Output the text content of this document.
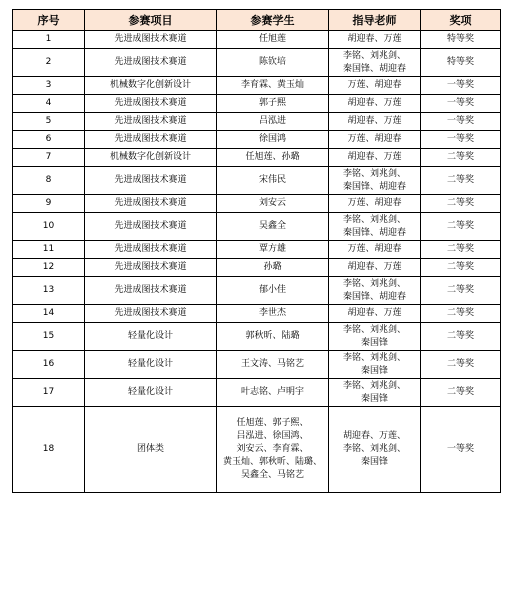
序号	参赛项目	参赛学生	指导老师	奖项
1	先进成图技术赛道	任旭莲	胡迎春、万莲	特等奖
2	先进成图技术赛道	陈钦培	李铭、刘兆剑、
秦国锋、胡迎春	特等奖
3	机械数字化创新设计	李育霖、黄玉灿	万莲、胡迎春	一等奖
4	先进成图技术赛道	郭子熙	胡迎春、万莲	一等奖
5	先进成图技术赛道	吕泓进	胡迎春、万莲	一等奖
6	先进成图技术赛道	徐国鸿	万莲、胡迎春	一等奖
7	机械数字化创新设计	任旭莲、孙璐	胡迎春、万莲	二等奖
8	先进成图技术赛道	宋伟民	李铭、刘兆剑、
秦国锋、胡迎春	二等奖
9	先进成图技术赛道	刘安云	万莲、胡迎春	二等奖
10	先进成图技术赛道	吴鑫全	李铭、刘兆剑、
秦国锋、胡迎春	二等奖
11	先进成图技术赛道	覃方雄	万莲、胡迎春	二等奖
12	先进成图技术赛道	孙璐	胡迎春、万莲	二等奖
13	先进成图技术赛道	郁小佳	李铭、刘兆剑、
秦国锋、胡迎春	二等奖
14	先进成图技术赛道	李世杰	胡迎春、万莲	二等奖
15	轻量化设计	郭秋昕、陆璐	李铭、刘兆剑、
秦国锋	二等奖
16	轻量化设计	王文涛、马铭艺	李铭、刘兆剑、
秦国锋	二等奖
17	轻量化设计	叶志铭、卢明宇	李铭、刘兆剑、
秦国锋	二等奖
18	团体类	任旭莲、郭子熙、
吕泓进、徐国鸿、
刘安云、李育霖、
黄玉灿、郭秋昕、陆璐、
吴鑫全、马铭艺	胡迎春、万莲、
李铭、刘兆剑、
秦国锋	一等奖
